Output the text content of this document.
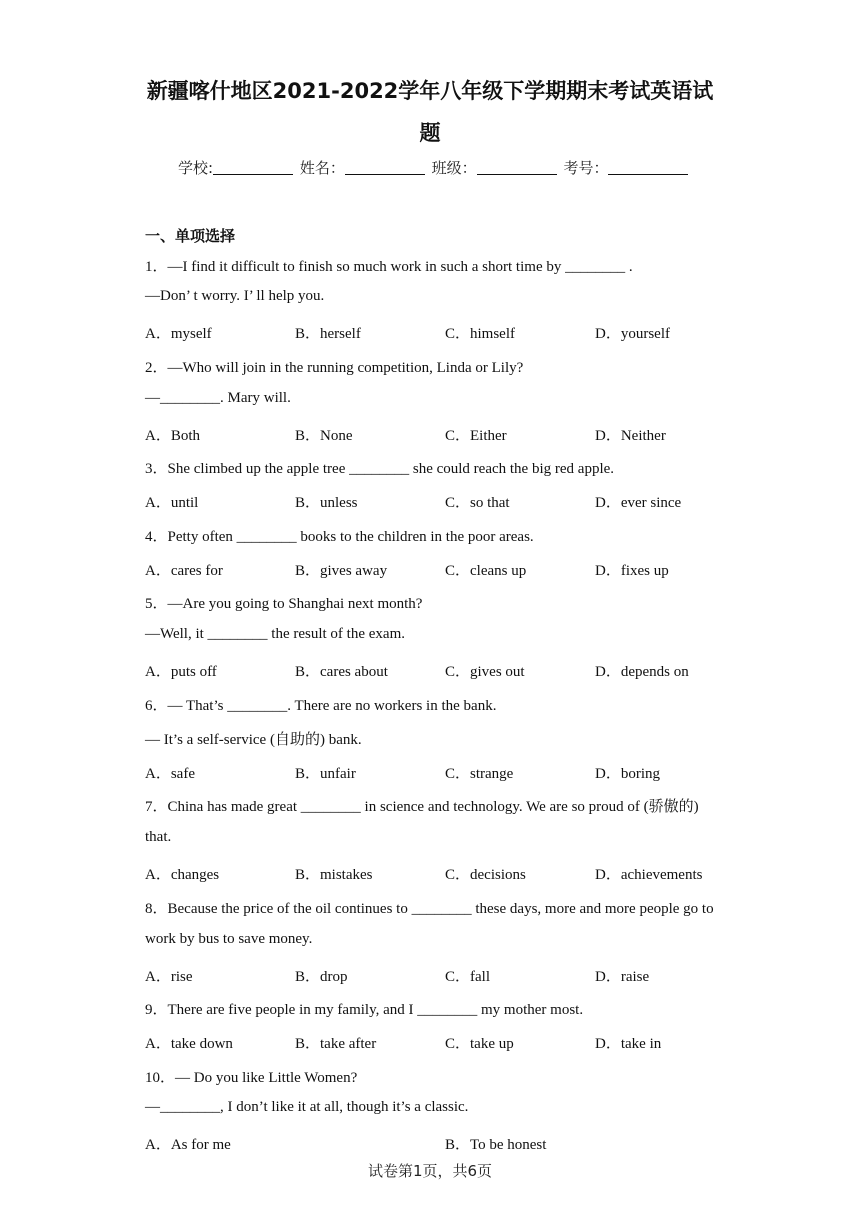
新疆喀什地区2021-2022学年八年级下学期期末考试英语试
题
学校:	姓名：	班级：	考号：
一、单项选择
1．—I find it difficult to finish so much work in such a short time by ________ .
—Don’ t worry. I’ ll help you.
A．myself	B．herself	C．himself	D．yourself
2．—Who will join in the running competition, Linda or Lily?
—________. Mary will.
A．Both	B．None	C．Either	D．Neither
3．She climbed up the apple tree ________ she could reach the big red apple.
A．until	B．unless	C．so that	D．ever since
4．Petty often ________ books to the children in the poor areas.
A．cares for	B．gives away	C．cleans up	D．fixes up
5．—Are you going to Shanghai next month?
—Well, it ________ the result of the exam.
A．puts off	B．cares about	C．gives out	D．depends on
6．— That’s ________. There are no workers in the bank.
— It’s a self-service (自助的) bank.
A．safe	B．unfair	C．strange	D．boring
7．China has made great ________ in science and technology. We are so proud of (骄傲的)
that.
A．changes	B．mistakes	C．decisions	D．achievements
8．Because the price of the oil continues to ________ these days, more and more people go to
work by bus to save money.
A．rise	B．drop	C．fall	D．raise
9．There are five people in my family, and I ________ my mother most.
A．take down	B．take after	C．take up	D．take in
10．— Do you like Little Women?
—________, I don’t like it at all, though it’s a classic.
A．As for me	B．To be honest
试卷第1页，共6页
